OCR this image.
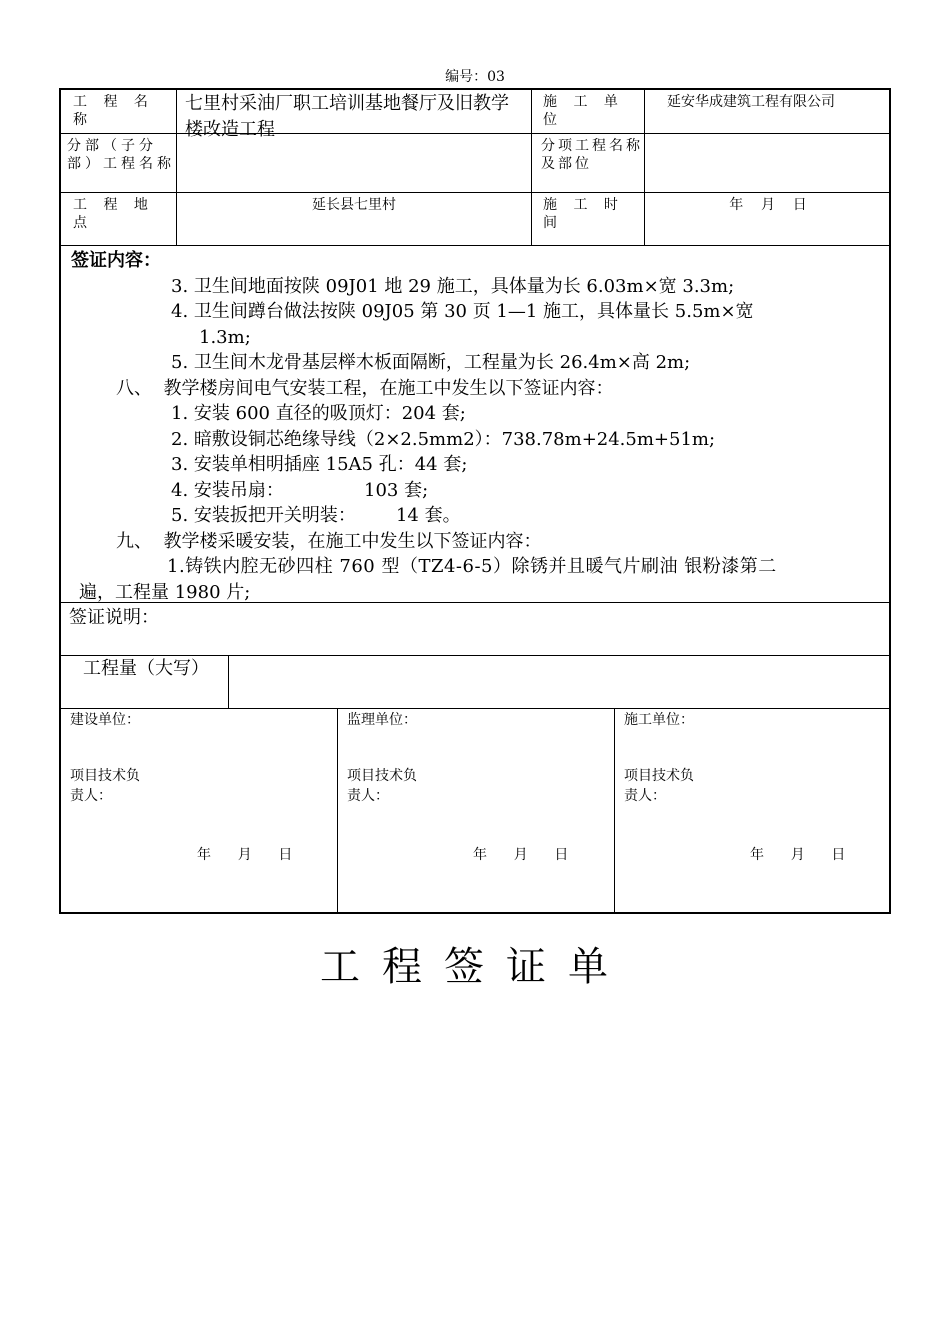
编号：03
工 程 名 称
七里村采油厂职工培训基地餐厅及旧教学楼改造工程
施 工 单 位
延安华成建筑工程有限公司
分部（子分部）工程名称
分项工程名称及部位
工 程 地 点
延长县七里村	施 工 时 间
年    月    日
签证内容：
3. 卫生间地面按陕 09J01 地 29 施工，具体量为长 6.03m×宽 3.3m;
4. 卫生间蹲台做法按陕 09J05 第 30 页 1—1 施工，具体量长 5.5m×宽
1.3m;
5. 卫生间木龙骨基层榉木板面隔断，工程量为长 26.4m×高 2m;
八、  教学楼房间电气安装工程，在施工中发生以下签证内容：
1. 安装 600 直径的吸顶灯：204 套;
2. 暗敷设铜芯绝缘导线（2×2.5mm2）：738.78m+24.5m+51m;
3. 安装单相明插座 15A5 孔：44 套;
4. 安装吊扇：              103 套;
5. 安装扳把开关明装：       14 套。
九、  教学楼采暖安装，在施工中发生以下签证内容：
1.铸铁内腔无砂四柱 760 型（TZ4-6-5）除锈并且暖气片刷油 银粉漆第二
遍，工程量 1980 片;
签证说明：
工程量（大写）
建设单位：
项目技术负责人：
年      月      日
监理单位：
项目技术负责人：
年      月      日
施工单位：
项目技术负责人：
年      月      日
工程签证单
